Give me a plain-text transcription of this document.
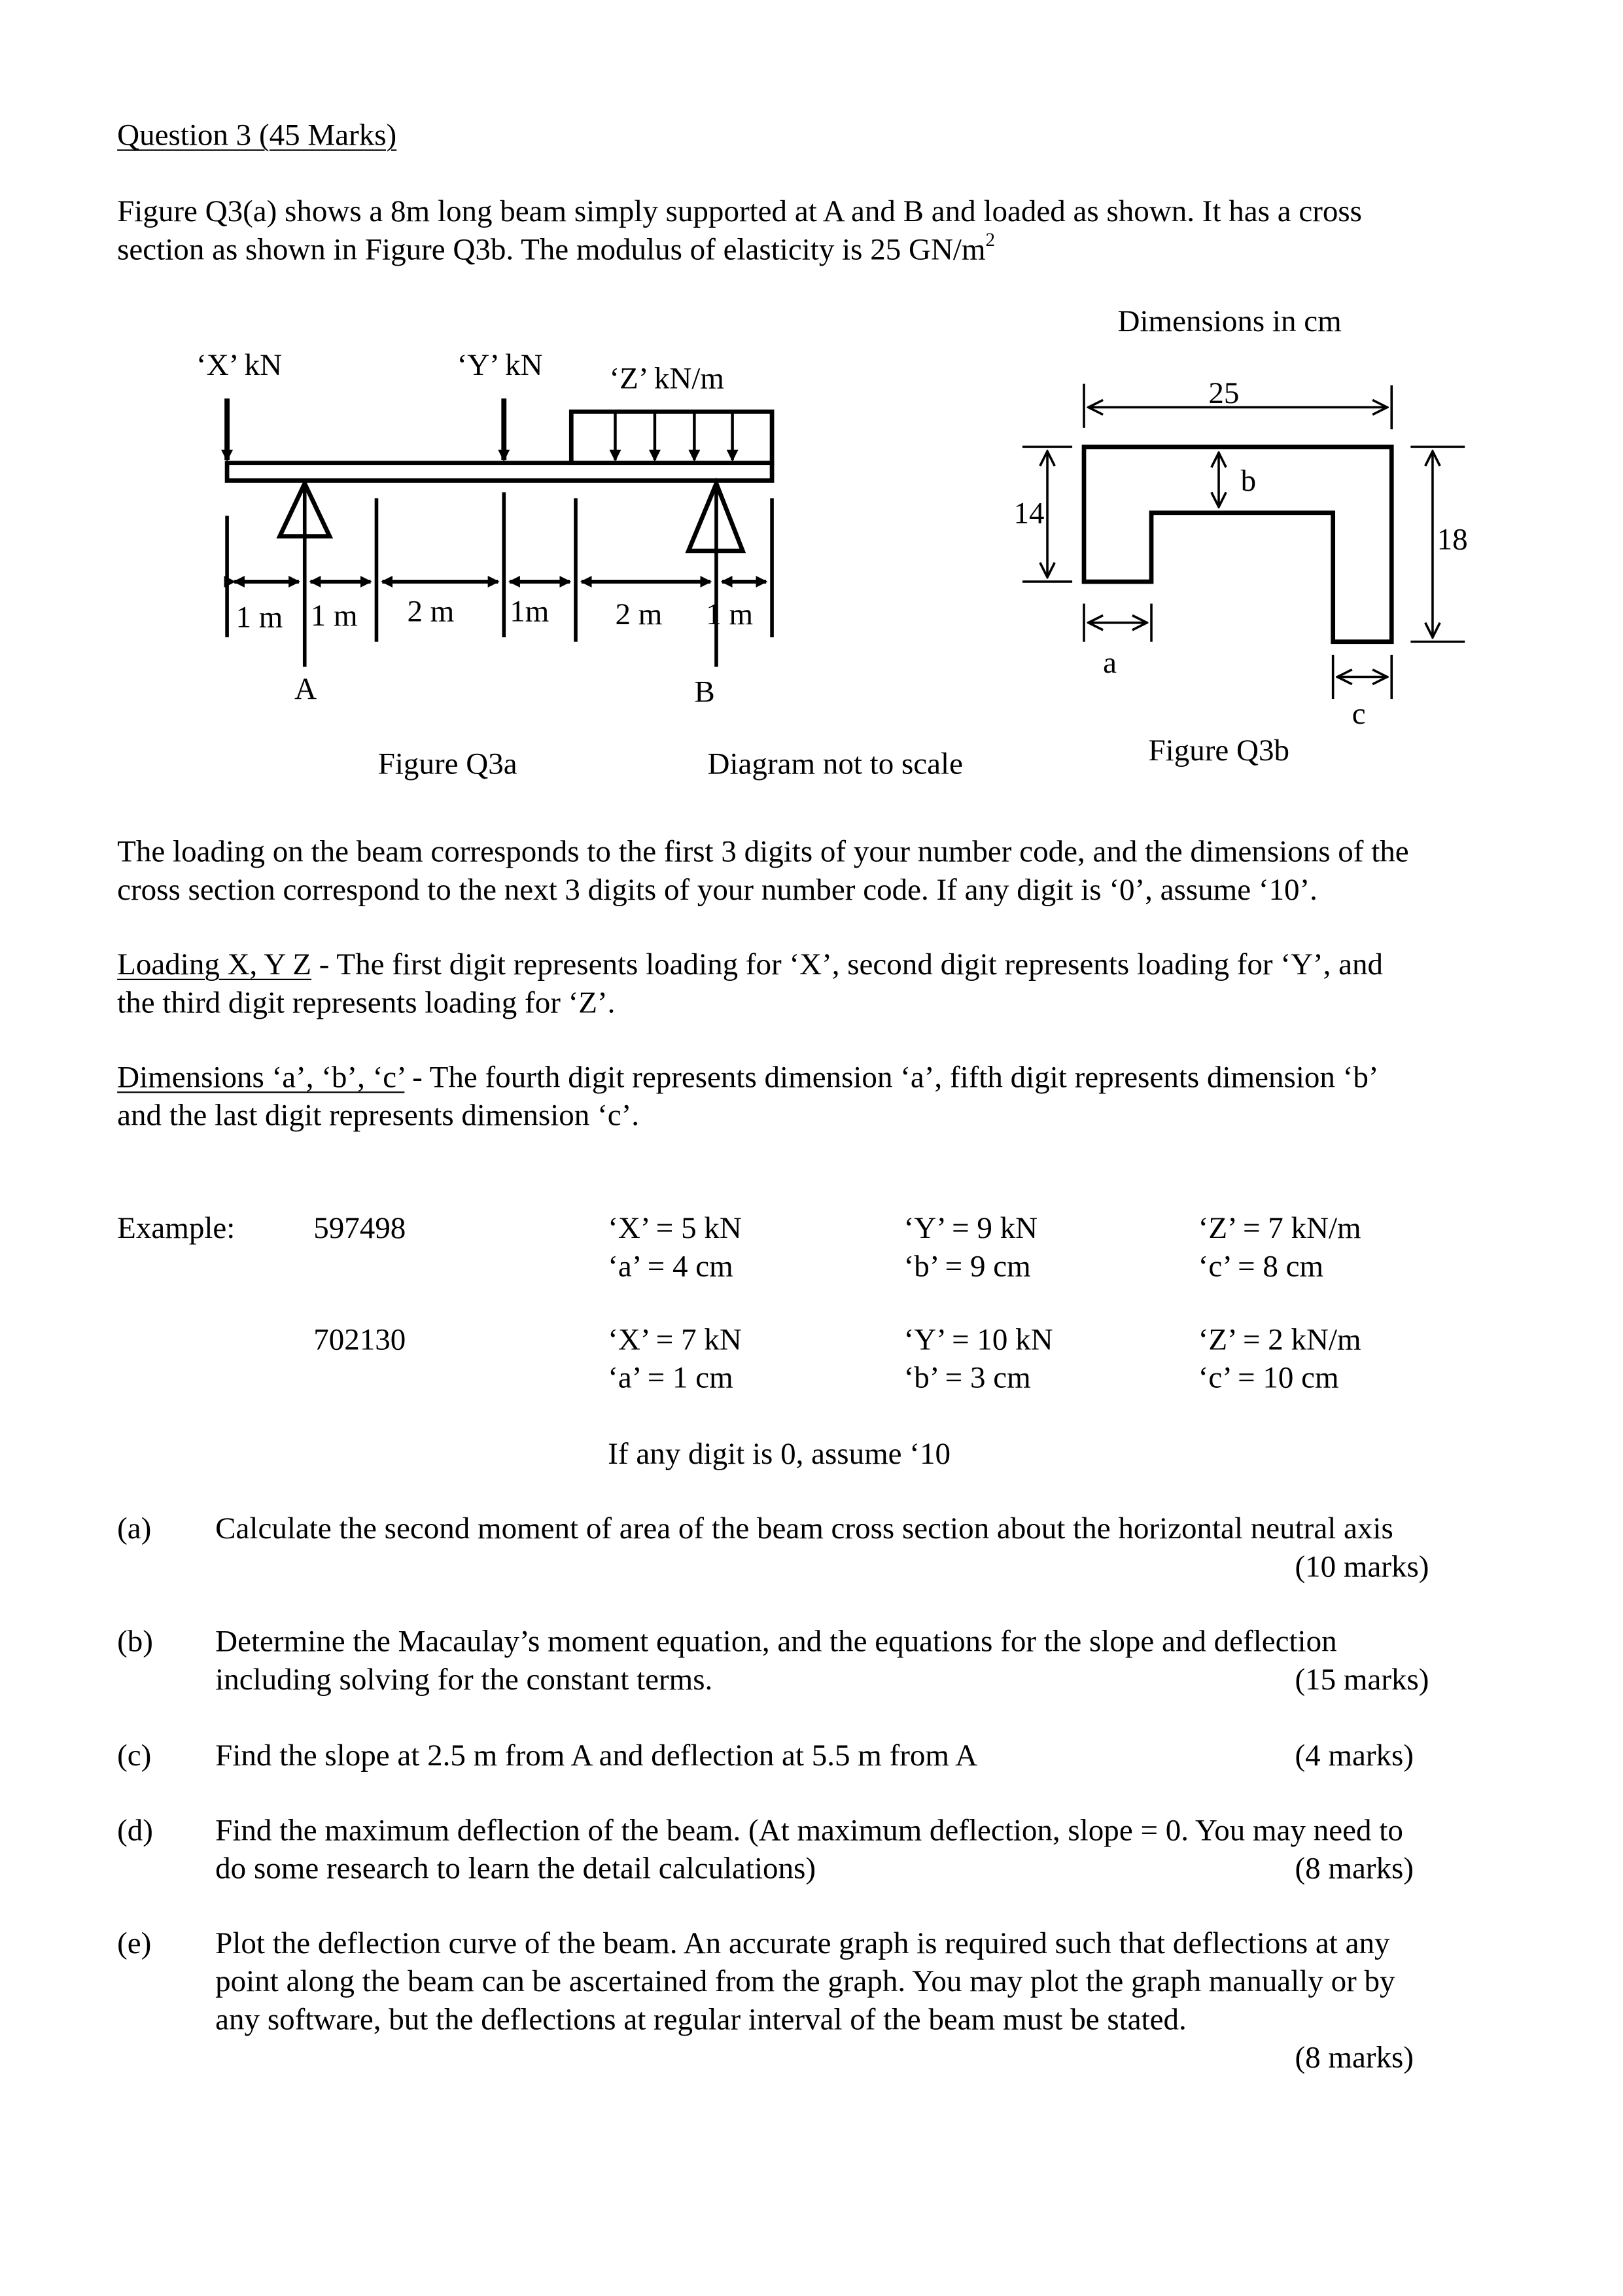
Question 3 (45 Marks)
Figure Q3(a) shows a 8m long beam simply supported at A and B and loaded as shown. It has a cross
section as shown in Figure Q3b. The modulus of elasticity is 25 $GN/m^2$
‘X’ kN	‘Y’ kN	‘Z’ kN/m
1 m 1 m	2 m	1m	2 m	1 m
A	B
Figure Q3a	Diagram not to scale
Dimensions in cm
25
14
18
b
a
c
Figure Q3b
The loading on the beam corresponds to the first 3 digits of your number code, and the dimensions of the
cross section correspond to the next 3 digits of your number code. If any digit is ‘0’, assume ‘10’.
Loading X, Y Z - The first digit represents loading for ‘X’, second digit represents loading for ‘Y’, and
the third digit represents loading for ‘Z’.
Dimensions ‘a’, ‘b’, ‘c’ - The fourth digit represents dimension ‘a’, fifth digit represents dimension ‘b’
and the last digit represents dimension ‘c’.
Example:	597498	‘X’ = 5 kN	‘Y’ = 9 kN	‘Z’ = 7 kN/m
‘a’ = 4 cm	‘b’ = 9 cm	‘c’ = 8 cm
702130	‘X’ = 7 kN	‘Y’ = 10 kN	‘Z’ = 2 kN/m
‘a’ = 1 cm	‘b’ = 3 cm	‘c’ = 10 cm
If any digit is 0, assume ‘10
(a)	Calculate the second moment of area of the beam cross section about the horizontal neutral axis
(10 marks)
(b)	Determine the Macaulay’s moment equation, and the equations for the slope and deflection
including solving for the constant terms.	(15 marks)
(c)	Find the slope at 2.5 m from A and deflection at 5.5 m from A	(4 marks)
(d)	Find the maximum deflection of the beam. (At maximum deflection, slope = 0. You may need to
do some research to learn the detail calculations)	(8 marks)
(e)	Plot the deflection curve of the beam. An accurate graph is required such that deflections at any
point along the beam can be ascertained from the graph. You may plot the graph manually or by
any software, but the deflections at regular interval of the beam must be stated.
(8 marks)
